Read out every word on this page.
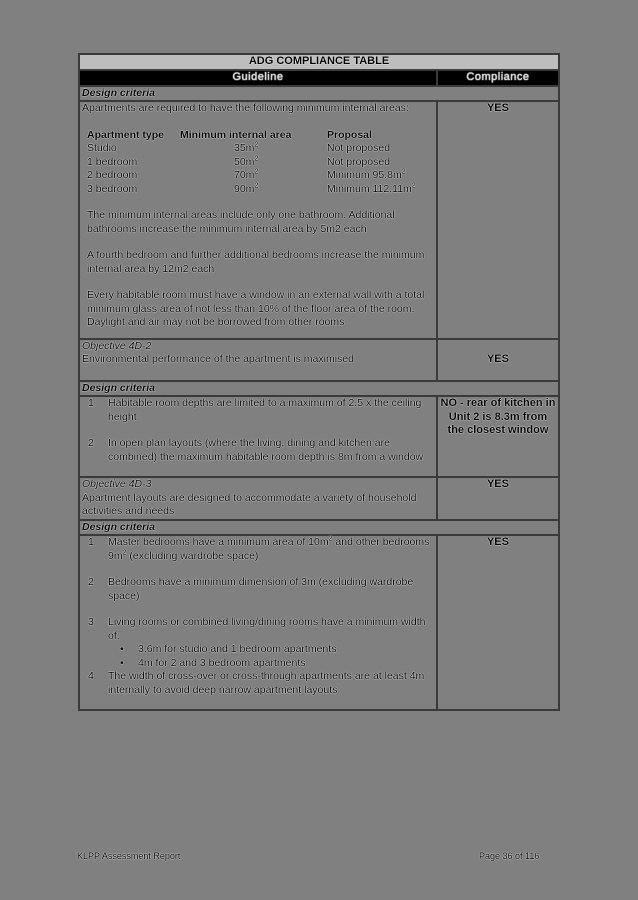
ADG COMPLIANCE TABLE
Guideline	Compliance
Design criteria

Apartments are required to have the following minimum internal areas:

Apartment type	Minimum internal area	Proposal
Studio	$35m^2$	Not proposed
1 bedroom	$50m^2$	Not proposed
2 bedroom	$70m^2$	Minimum $95.8m^2$
3 bedroom	$90m^2$	Minimum $112.11m^2$

The minimum internal areas include only one bathroom. Additional bathrooms increase the minimum internal area by 5m2 each

A fourth bedroom and further additional bedrooms increase the minimum internal area by 12m2 each

Every habitable room must have a window in an external wall with a total minimum glass area of not less than 10% of the floor area of the room. Daylight and air may not be borrowed from other rooms

	YES

Objective 4D-2
Environmental performance of the apartment is maximised	YES
Design criteria

1	Habitable room depths are limited to a maximum of 2.5 x the ceiling height
2	In open plan layouts (where the living, dining and kitchen are combined) the maximum habitable room depth is 8m from a window
	NO - rear of kitchen in Unit 2 is 8.3m from the closest window

Objective 4D-3
Apartment layouts are designed to accommodate a variety of household activities and needs
	YES
Design criteria

1	Master bedrooms have a minimum area of $10m^2$ and other bedrooms $9m^2$ (excluding wardrobe space)
2	Bedrooms have a minimum dimension of 3m (excluding wardrobe space)
3	Living rooms or combined living/dining rooms have a minimum width of:
• 3.6m for studio and 1 bedroom apartments
• 4m for 2 and 3 bedroom apartments
4	The width of cross-over or cross-through apartments are at least 4m internally to avoid deep narrow apartment layouts
	YES
KLPP Assessment Report	Page 36 of 116
